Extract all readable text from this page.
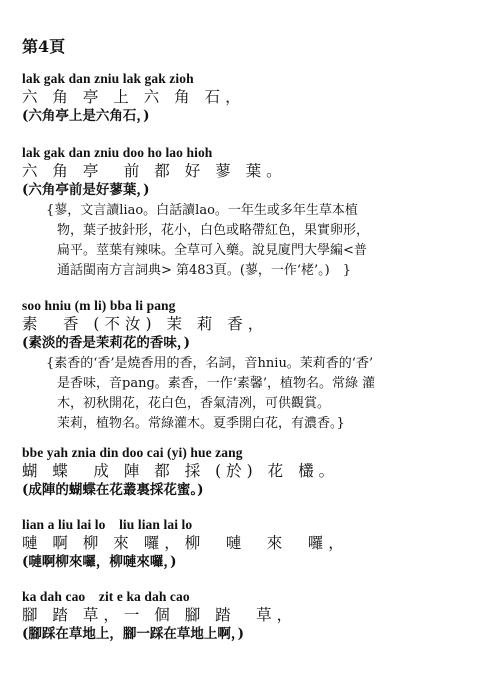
第4頁
lak gak dan zniu lak gak zioh
六 角 亭 上 六 角 石，
(六角亭上是六角石，)
lak gak dan zniu doo ho lao hioh
六 角 亭　前 都 好 蓼 葉。
(六角亭前是好蓼葉，)
{蓼，文言讀liao。白話讀lao。一年生或多年生草本植
物，葉子披針形，花小，白色或略帶紅色，果實卵形，
扁平。莖葉有辣味。全草可入藥。說見廈門大學編<普
通話閩南方言詞典> 第483頁。(蓼，一作‘栳’。)　}
soo hniu (m li) bba li pang
素　香 (不汝) 茉 莉 香，
(素淡的香是茉莉花的香味，)
{素香的‘香’是燒香用的香，名詞，音hniu。茉莉香的‘香’
是香味，音pang。素香，一作‘素馨’，植物名。常綠 灌
木，初秋開花，花白色，香氣清冽，可供觀賞。
茉莉，植物名。常綠灌木。夏季開白花，有濃香。}
bbe yah znia din doo cai (yi) hue zang
蝴 蝶　成 陣 都 採 (於) 花 欉。
(成陣的蝴蝶在花叢裏採花蜜。)
lian a liu lai lo　liu lian lai lo
嗹 啊 柳 來 囉，柳　嗹　來　囉，
(嗹啊柳來囉，柳嗹來囉，)
ka dah cao　zit e ka dah cao
腳 踏 草，一 個 腳 踏　草，
(腳踩在草地上，腳一踩在草地上啊，)
